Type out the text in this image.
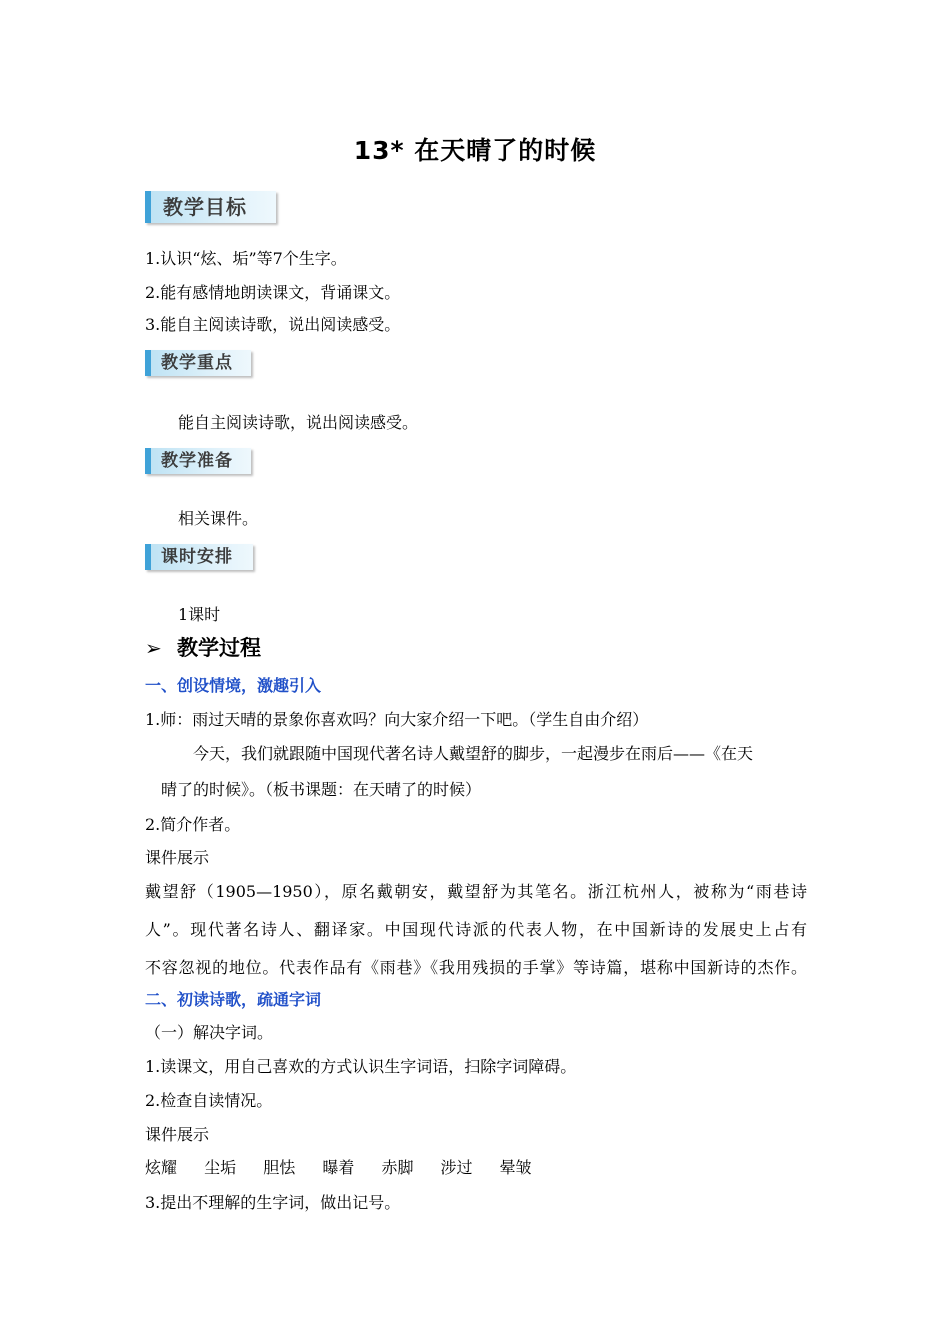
13* 在天晴了的时候
教学目标
1.认识“炫、垢”等7个生字。
2.能有感情地朗读课文，背诵课文。
3.能自主阅读诗歌，说出阅读感受。
教学重点
能自主阅读诗歌，说出阅读感受。
教学准备
相关课件。
课时安排
1课时
➢ 教学过程
一、创设情境，激趣引入
1.师：雨过天晴的景象你喜欢吗？向大家介绍一下吧。（学生自由介绍）
今天，我们就跟随中国现代著名诗人戴望舒的脚步，一起漫步在雨后——《在天
晴了的时候》。（板书课题：在天晴了的时候）
2.简介作者。
课件展示
戴望舒（1905—1950），原名戴朝安，戴望舒为其笔名。浙江杭州人，被称为“雨巷诗
人”。现代著名诗人、翻译家。中国现代诗派的代表人物，在中国新诗的发展史上占有
不容忽视的地位。代表作品有《雨巷》《我用残损的手掌》等诗篇，堪称中国新诗的杰作。
二、初读诗歌，疏通字词
（一）解决字词。
1.读课文，用自己喜欢的方式认识生字词语，扫除字词障碍。
2.检查自读情况。
课件展示
炫耀 尘垢 胆怯 曝着 赤脚 涉过 晕皱
3.提出不理解的生字词，做出记号。
